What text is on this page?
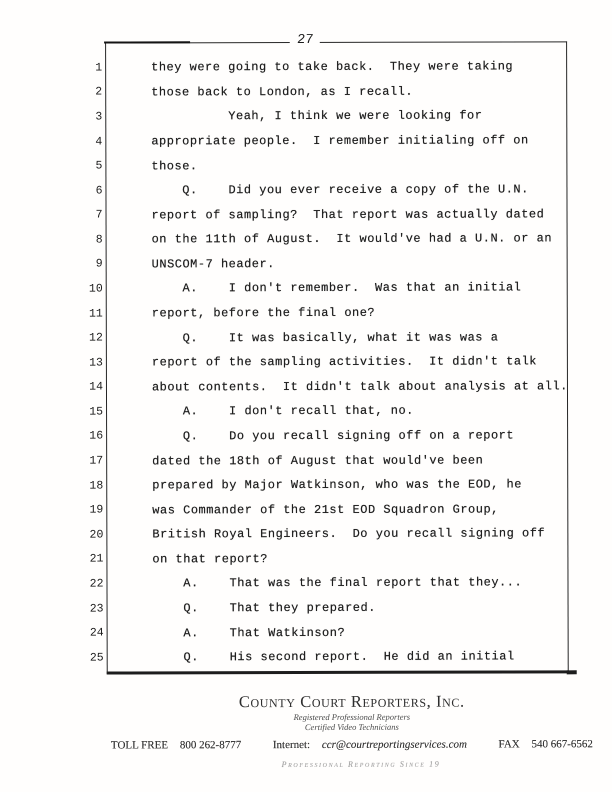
27
1	they were going to take back.  They were taking
2	those back to London, as I recall.
3	Yeah, I think we were looking for
4	appropriate people.  I remember initialing off on
5	those.
6	Q.    Did you ever receive a copy of the U.N.
7	report of sampling?  That report was actually dated
8	on the 11th of August.  It would've had a U.N. or an
9	UNSCOM-7 header.
10	A.    I don't remember.  Was that an initial
11	report, before the final one?
12	Q.    It was basically, what it was was a
13	report of the sampling activities.  It didn't talk
14	about contents.  It didn't talk about analysis at all.
15	A.    I don't recall that, no.
16	Q.    Do you recall signing off on a report
17	dated the 18th of August that would've been
18	prepared by Major Watkinson, who was the EOD, he
19	was Commander of the 21st EOD Squadron Group,
20	British Royal Engineers.  Do you recall signing off
21	on that report?
22	A.    That was the final report that they...
23	Q.    That they prepared.
24	A.    That Watkinson?
25	Q.    His second report.  He did an initial
County Court Reporters, Inc.
Registered Professional Reporters
Certified Video Technicians
TOLL FREE 800 262-8777	Internet: ccr@courtreportingservices.com	FAX 540 667-6562
Professional Reporting Since 19
